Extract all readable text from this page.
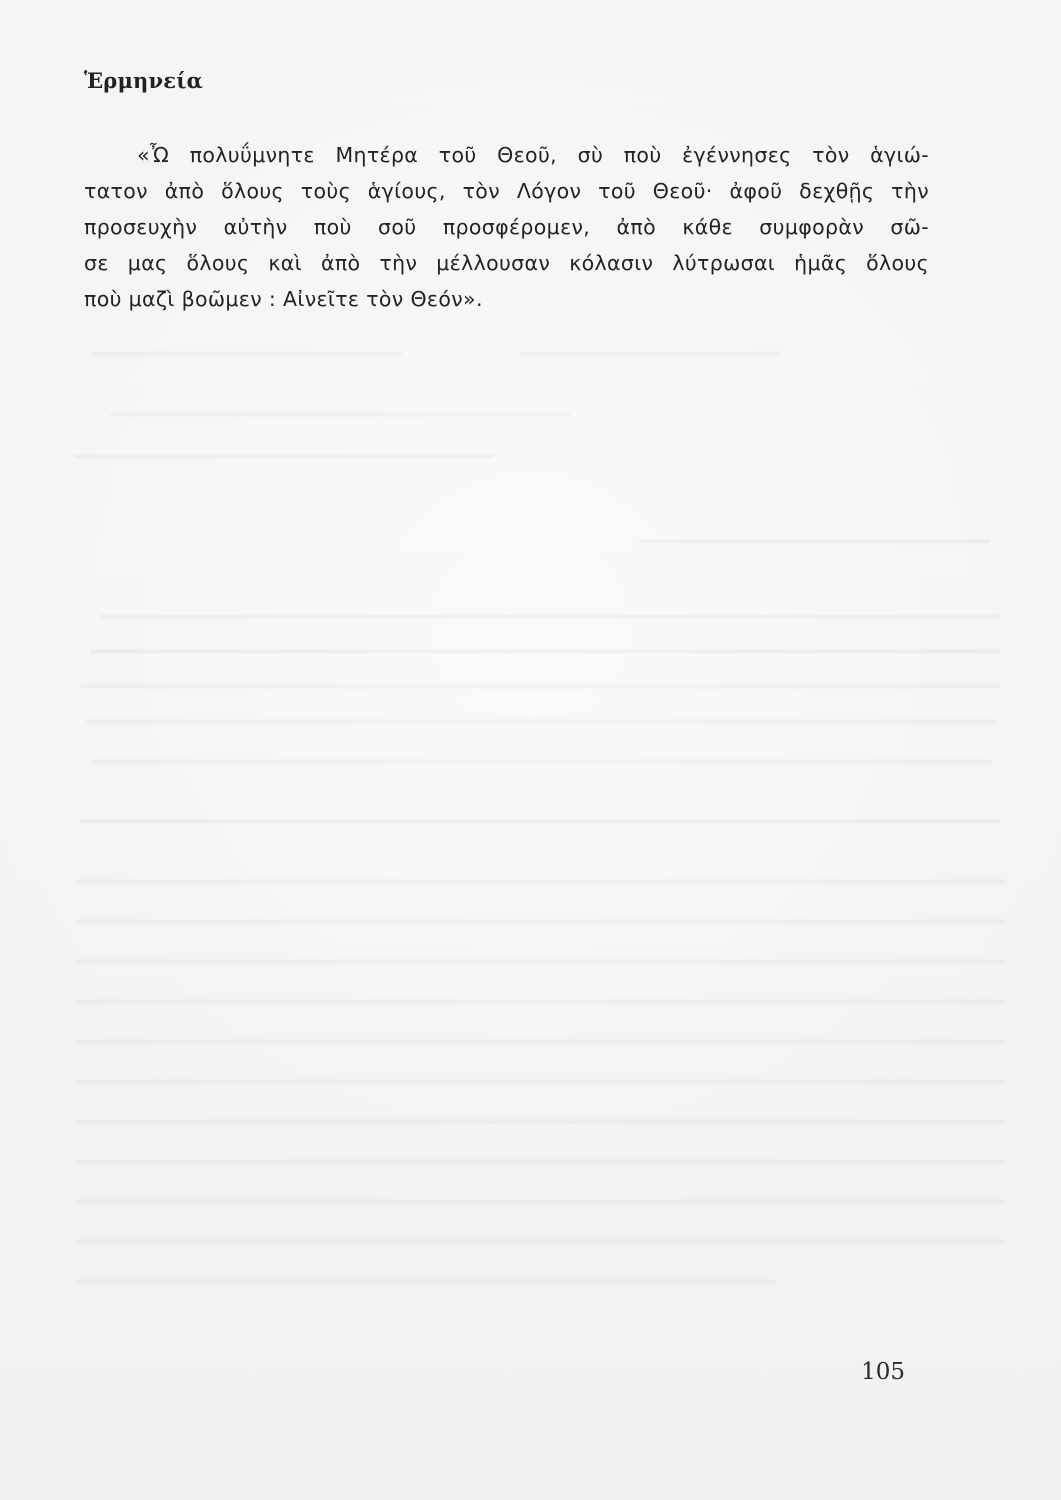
Ἑρμηνεία
«Ὦ πολυΰμνητε Μητέρα τοῦ Θεοῦ, σὺ ποὺ ἐγέννησες τὸν ἁγιώ-
τατον ἀπὸ ὅλους τοὺς ἁγίους, τὸν Λόγον τοῦ Θεοῦ· ἀφοῦ δεχθῇς τὴν
προσευχὴν αὐτὴν ποὺ σοῦ προσφέρομεν, ἀπὸ κάθε συμφορὰν σῶ-
σε μας ὅλους καὶ ἀπὸ τὴν μέλλουσαν κόλασιν λύτρωσαι ἡμᾶς ὅλους
ποὺ μαζὶ βοῶμεν : Αἰνεῖτε τὸν Θεόν».
105
